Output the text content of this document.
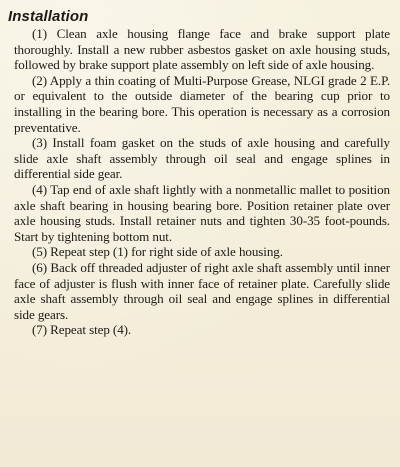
Installation

(1) Clean axle housing flange face and brake support plate thoroughly. Install a new rubber asbestos gasket on axle housing studs, followed by brake support plate assembly on left side of axle housing.

(2) Apply a thin coating of Multi-Purpose Grease, NLGI grade 2 E.P. or equivalent to the outside diameter of the bearing cup prior to installing in the bearing bore. This operation is necessary as a corrosion preventative.

(3) Install foam gasket on the studs of axle housing and carefully slide axle shaft assembly through oil seal and engage splines in differential side gear.

(4) Tap end of axle shaft lightly with a nonmetallic mallet to position axle shaft bearing in housing bearing bore. Position retainer plate over axle housing studs. Install retainer nuts and tighten 30-35 foot-pounds. Start by tightening bottom nut.

(5) Repeat step (1) for right side of axle housing.

(6) Back off threaded adjuster of right axle shaft assembly until inner face of adjuster is flush with inner face of retainer plate. Carefully slide axle shaft assembly through oil seal and engage splines in differential side gears.

(7) Repeat step (4).
